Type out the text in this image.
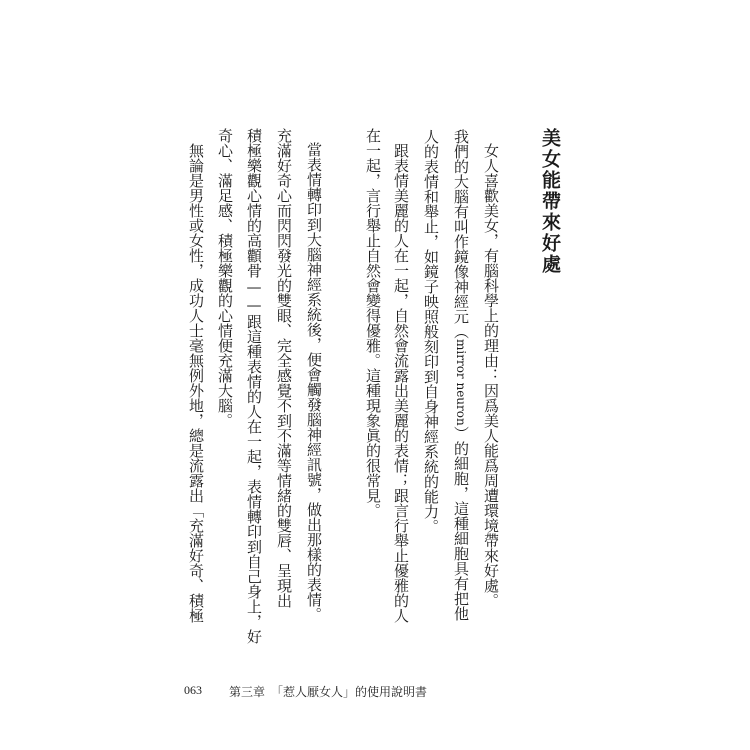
美女能帶來好處
女人喜歡美女，有腦科學上的理由：因爲美人能爲周遭環境帶來好處。
我們的大腦有叫作鏡像神經元（mirror neuron）的細胞，這種細胞具有把他
人的表情和舉止，如鏡子映照般刻印到自身神經系統的能力。
跟表情美麗的人在一起，自然會流露出美麗的表情；跟言行舉止優雅的人
在一起，言行舉止自然會變得優雅。這種現象眞的很常見。
當表情轉印到大腦神經系統後，便會觸發腦神經訊號，做出那樣的表情。
充滿好奇心而閃閃發光的雙眼、完全感覺不到不滿等情緒的雙唇、呈現出
積極樂觀心情的高顴骨——跟這種表情的人在一起，表情轉印到自己身上，好
奇心、滿足感、積極樂觀的心情便充滿大腦。
無論是男性或女性，成功人士毫無例外地，總是流露出「充滿好奇、積極
063 第三章　「惹人厭女人」的使用說明書
